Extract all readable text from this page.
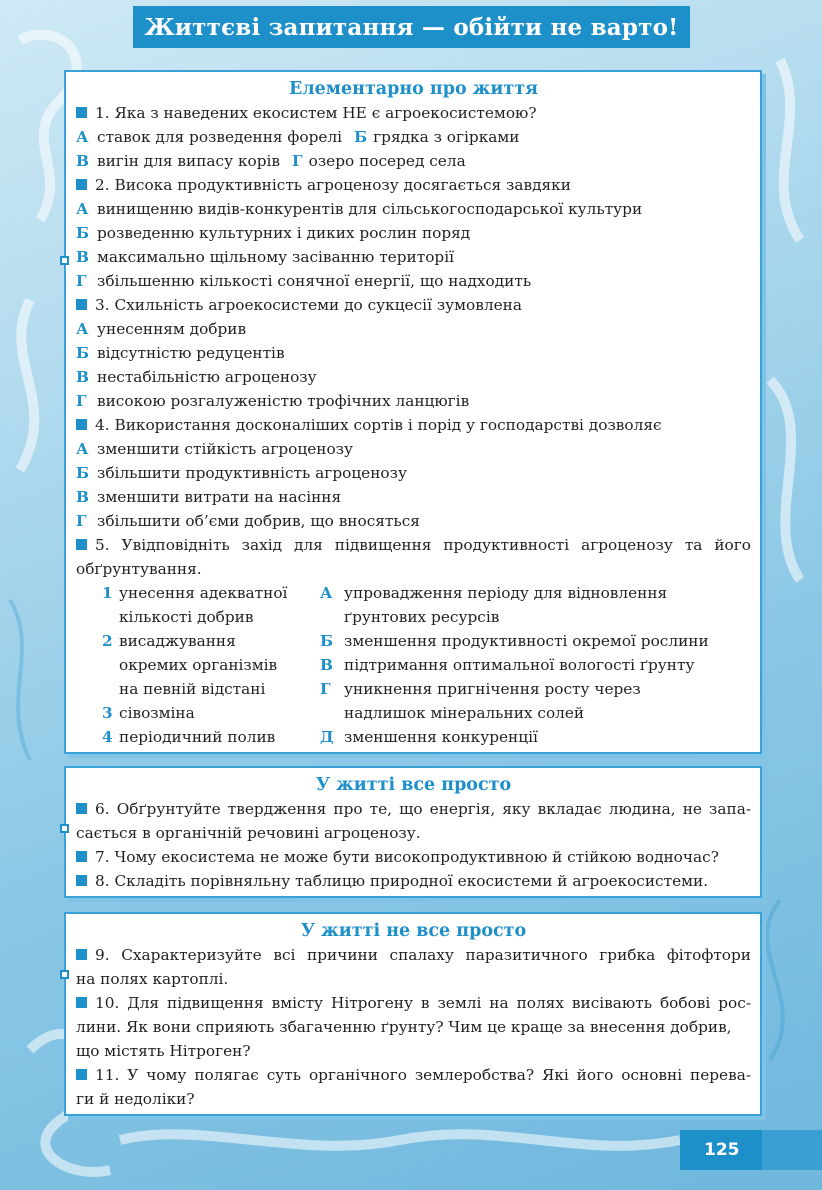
Життєві запитання — обійти не варто!
Елементарно про життя
1. Яка з наведених екосистем НЕ є агроекосистемою?
А ставок для розведення форелі Б грядка з огірками
В вигін для випасу корів Г озеро посеред села
2. Висока продуктивність агроценозу досягається завдяки
А винищенню видів-конкурентів для сільськогосподарської культури
Б розведенню культурних і диких рослин поряд
В максимально щільному засіванню території
Г збільшенню кількості сонячної енергії, що надходить
3. Схильність агроекосистеми до сукцесії зумовлена
А унесенням добрив
Б відсутністю редуцентів
В нестабільністю агроценозу
Г високою розгалуженістю трофічних ланцюгів
4. Використання досконаліших сортів і порід у господарстві дозволяє
А зменшити стійкість агроценозу
Б збільшити продуктивність агроценозу
В зменшити витрати на насіння
Г збільшити об’єми добрив, що вносяться
5. Увідповідніть захід для підвищення продуктивності агроценозу та його
обґрунтування.
1 унесення адекватної
кількості добрив
2 висаджування
окремих організмів
на певній відстані
3 сівозміна
4 періодичний полив
А упровадження періоду для відновлення
ґрунтових ресурсів
Б зменшення продуктивності окремої рослини
В підтримання оптимальної вологості ґрунту
Г уникнення пригнічення росту через
надлишок мінеральних солей
Д зменшення конкуренції
У житті все просто
6. Обґрунтуйте твердження про те, що енергія, яку вкладає людина, не запа-
сається в органічній речовині агроценозу.
7. Чому екосистема не може бути високопродуктивною й стійкою водночас?
8. Складіть порівняльну таблицю природної екосистеми й агроекосистеми.
У житті не все просто
9. Схарактеризуйте всі причини спалаху паразитичного грибка фітофтори
на полях картоплі.
10. Для підвищення вмісту Нітрогену в землі на полях висівають бобові рос-
лини. Як вони сприяють збагаченню ґрунту? Чим це краще за внесення добрив,
що містять Нітроген?
11. У чому полягає суть органічного землеробства? Які його основні перева-
ги й недоліки?
125
